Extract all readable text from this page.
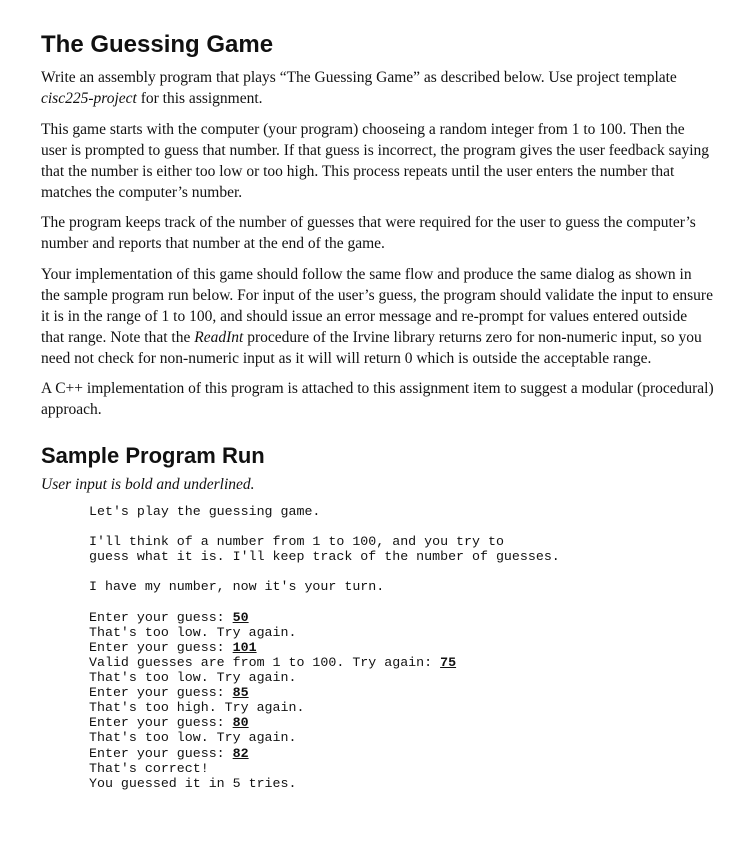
The Guessing Game

Write an assembly program that plays “The Guessing Game” as described below. Use project template cisc225-project for this assignment.

This game starts with the computer (your program) chooseing a random integer from 1 to 100. Then the user is prompted to guess that number. If that guess is incorrect, the program gives the user feedback saying that the number is either too low or too high. This process repeats until the user enters the number that matches the computer’s number.

The program keeps track of the number of guesses that were required for the user to guess the computer’s number and reports that number at the end of the game.

Your implementation of this game should follow the same flow and produce the same dialog as shown in the sample program run below. For input of the user’s guess, the program should validate the input to ensure it is in the range of 1 to 100, and should issue an error message and re-prompt for values entered outside that range. Note that the ReadInt procedure of the Irvine library returns zero for non-numeric input, so you need not check for non-numeric input as it will will return 0 which is outside the acceptable range.

A C++ implementation of this program is attached to this assignment item to suggest a modular (procedural) approach.

Sample Program Run

User input is bold and underlined.

Let's play the guessing game.
I'll think of a number from 1 to 100, and you try to
guess what it is. I'll keep track of the number of guesses.
I have my number, now it's your turn.
Enter your guess: 50
That's too low. Try again.
Enter your guess: 101
Valid guesses are from 1 to 100. Try again: 75
That's too low. Try again.
Enter your guess: 85
That's too high. Try again.
Enter your guess: 80
That's too low. Try again.
Enter your guess: 82
That's correct!
You guessed it in 5 tries.
